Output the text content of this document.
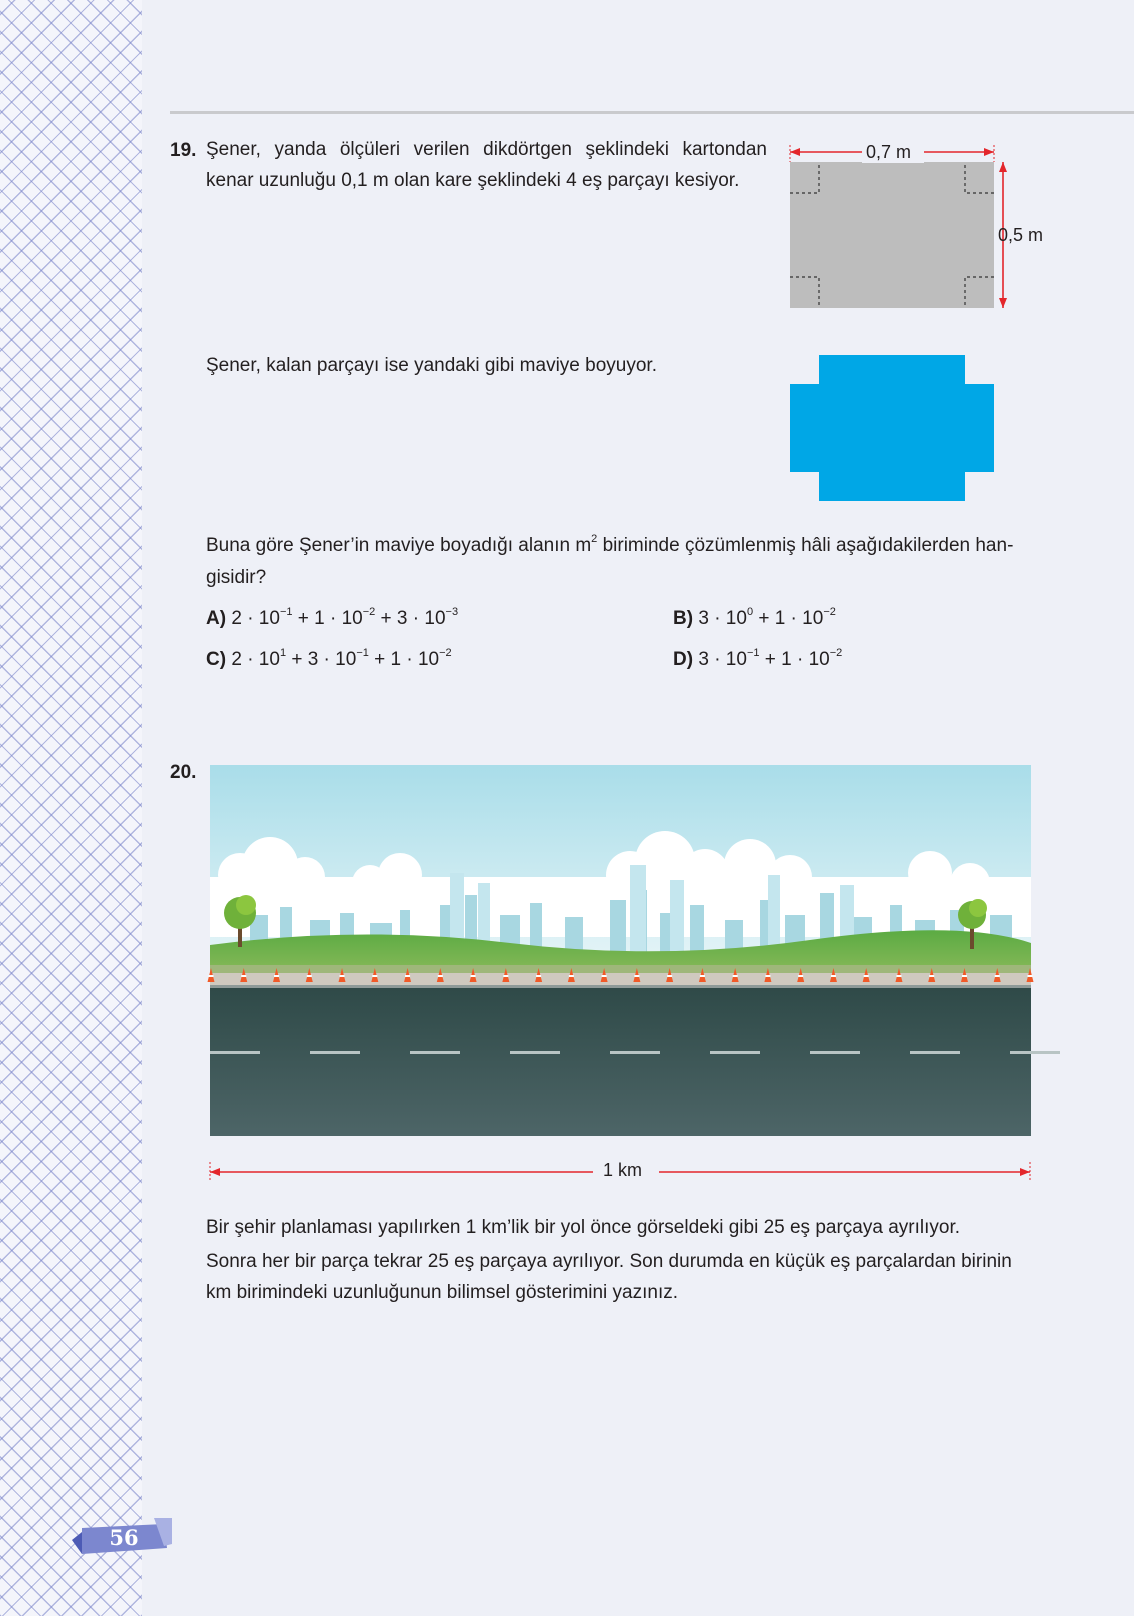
19. Şener, yanda ölçüleri verilen dikdörtgen şeklindeki kartondan
kenar uzunluğu 0,1 m olan kare şeklindeki 4 eş parçayı kesiyor.
0,7 m
0,5 m
Şener, kalan parçayı ise yandaki gibi maviye boyuyor.
Buna göre Şener’in maviye boyadığı alanın $m^2$ biriminde çözümlenmiş hâli aşağıdakilerden han-
gisidir?
A) $2 \cdot 10^{-1} + 1 \cdot 10^{-2} + 3 \cdot 10^{-3}$	B) $3 \cdot 10^0 + 1 \cdot 10^{-2}$
C) $2 \cdot 10^1 + 3 \cdot 10^{-1} + 1 \cdot 10^{-2}$	D) $3 \cdot 10^{-1} + 1 \cdot 10^{-2}$
20.
1 km
Bir şehir planlaması yapılırken 1 km’lik bir yol önce görseldeki gibi 25 eş parçaya ayrılıyor.
Sonra her bir parça tekrar 25 eş parçaya ayrılıyor. Son durumda en küçük eş parçalardan birinin
km birimindeki uzunluğunun bilimsel gösterimini yazınız.
56
